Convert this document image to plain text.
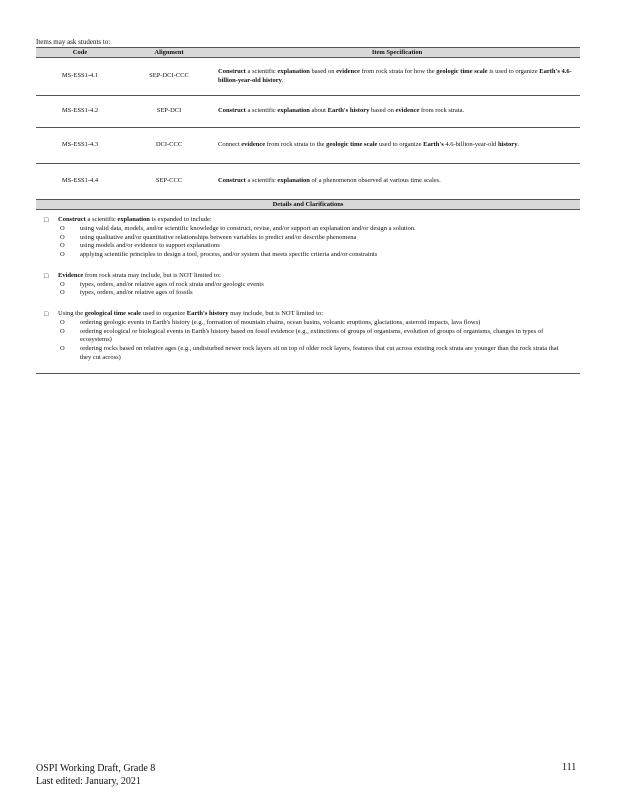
Items may ask students to:
Code	Alignment	Item Specification
MS-ESS1-4.1	SEP-DCI-CCC	Construct a scientific explanation based on evidence from rock strata for how the geologic time scale is used to organize Earth's 4.6-billion-year-old history.
MS-ESS1-4.2	SEP-DCI	Construct a scientific explanation about Earth's history based on evidence from rock strata.
MS-ESS1-4.3	DCI-CCC	Connect evidence from rock strata to the geologic time scale used to organize Earth's 4.6-billion-year-old history.
MS-ESS1-4.4	SEP-CCC	Construct a scientific explanation of a phenomenon observed at various time scales.
Details and Clarifications
□ Construct a scientific explanation is expanded to include:
O using valid data, models, and/or scientific knowledge to construct, revise, and/or support an explanation and/or design a solution.
O using qualitative and/or quantitative relationships between variables to predict and/or describe phenomena
O using models and/or evidence to support explanations
O applying scientific principles to design a tool, process, and/or system that meets specific criteria and/or constraints
□ Evidence from rock strata may include, but is NOT limited to:
O types, orders, and/or relative ages of rock strata and/or geologic events
O types, orders, and/or relative ages of fossils
□ Using the geological time scale used to organize Earth's history may include, but is NOT limited to:
O ordering geologic events in Earth's history (e.g., formation of mountain chains, ocean basins, volcanic eruptions, glaciations, asteroid impacts, lava flows)
O ordering ecological or biological events in Earth's history based on fossil evidence (e.g., extinctions of groups of organisms, evolution of groups of organisms, changes in types of ecosystems)
O ordering rocks based on relative ages (e.g., undisturbed newer rock layers sit on top of older rock layers, features that cut across existing rock strata are younger than the rock strata that they cut across)
OSPI Working Draft, Grade 8
Last edited: January, 2021
111
